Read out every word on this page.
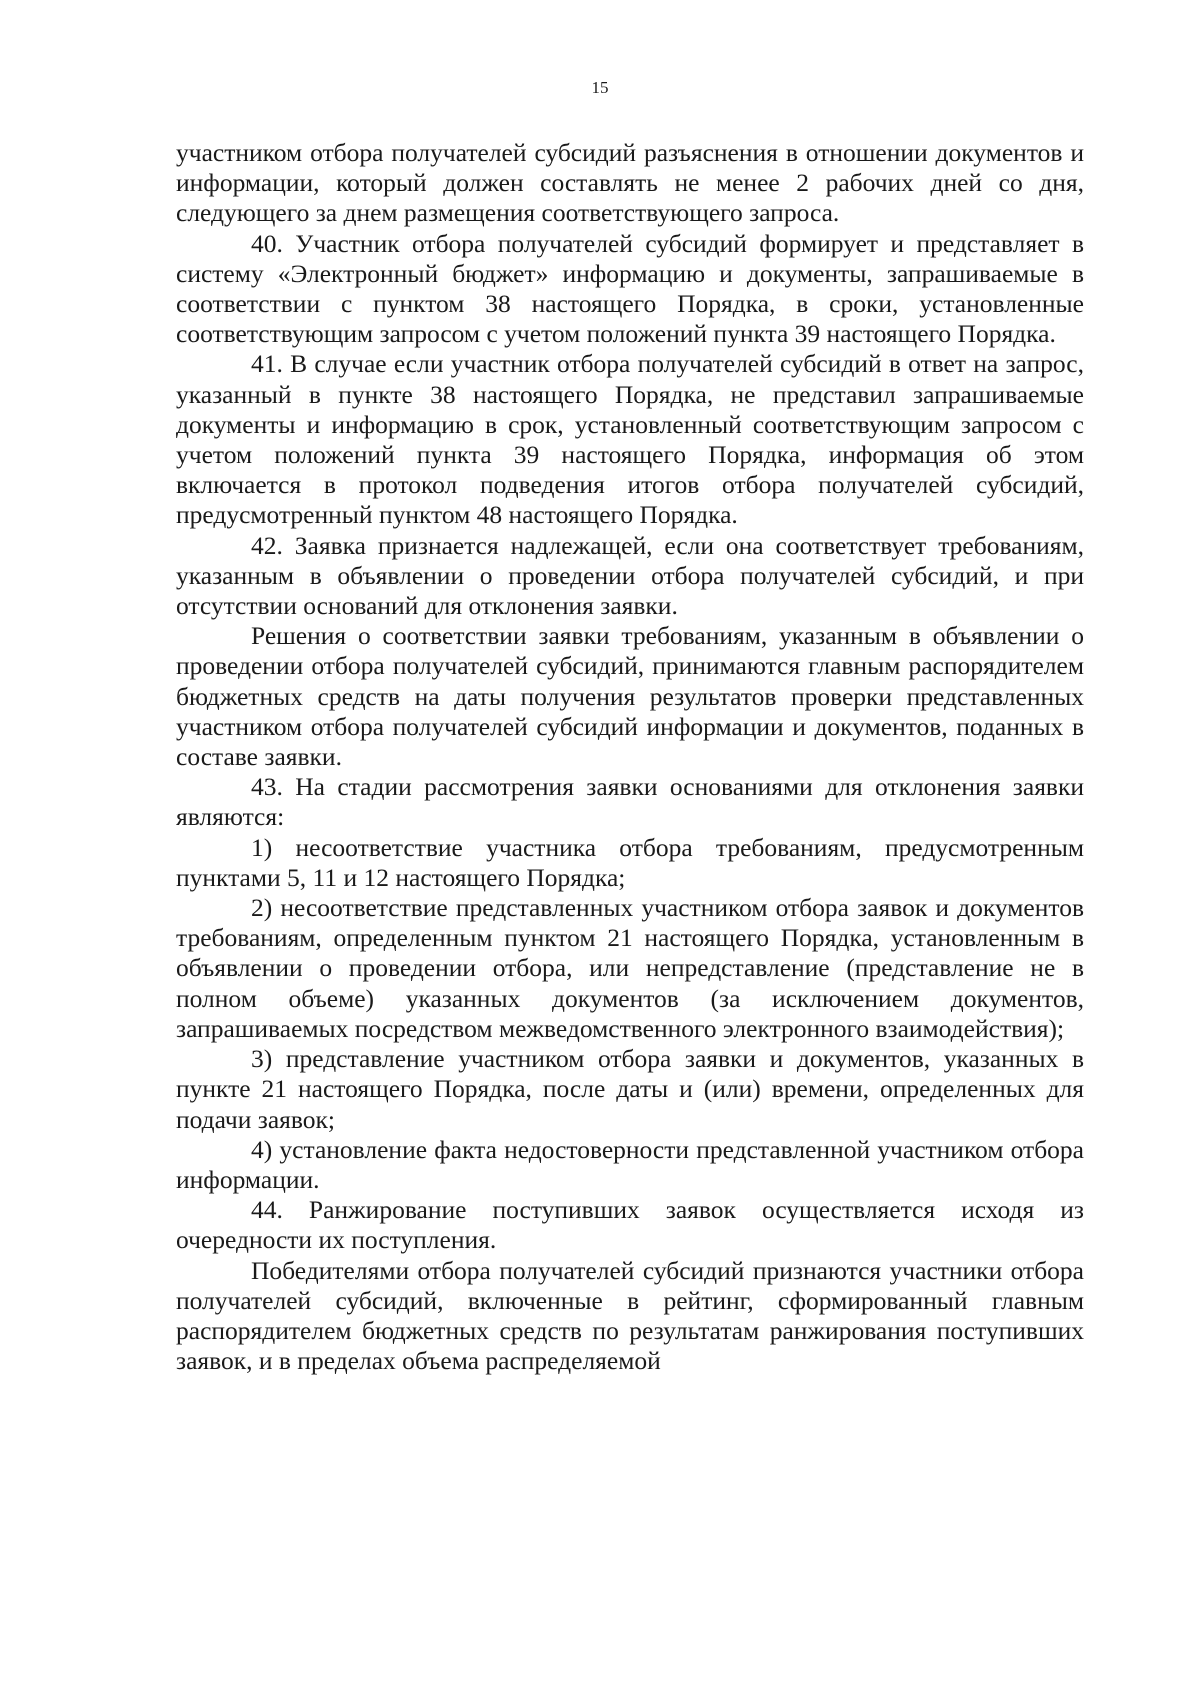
15

участником отбора получателей субсидий разъяснения в отношении документов и информации, который должен составлять не менее 2 рабочих дней со дня, следующего за днем размещения соответствующего запроса.

40. Участник отбора получателей субсидий формирует и представляет в систему «Электронный бюджет» информацию и документы, запрашиваемые в соответствии с пунктом 38 настоящего Порядка, в сроки, установленные соответствующим запросом с учетом положений пункта 39 настоящего Порядка.

41. В случае если участник отбора получателей субсидий в ответ на запрос, указанный в пункте 38 настоящего Порядка, не представил запрашиваемые документы и информацию в срок, установленный соответствующим запросом с учетом положений пункта 39 настоящего Порядка, информация об этом включается в протокол подведения итогов отбора получателей субсидий, предусмотренный пунктом 48 настоящего Порядка.

42. Заявка признается надлежащей, если она соответствует требованиям, указанным в объявлении о проведении отбора получателей субсидий, и при отсутствии оснований для отклонения заявки.

Решения о соответствии заявки требованиям, указанным в объявлении о проведении отбора получателей субсидий, принимаются главным распорядителем бюджетных средств на даты получения результатов проверки представленных участником отбора получателей субсидий информации и документов, поданных в составе заявки.

43. На стадии рассмотрения заявки основаниями для отклонения заявки являются:

1) несоответствие участника отбора требованиям, предусмотренным пунктами 5, 11 и 12 настоящего Порядка;

2) несоответствие представленных участником отбора заявок и документов требованиям, определенным пунктом 21 настоящего Порядка, установленным в объявлении о проведении отбора, или непредставление (представление не в полном объеме) указанных документов (за исключением документов, запрашиваемых посредством межведомственного электронного взаимодействия);

3) представление участником отбора заявки и документов, указанных в пункте 21 настоящего Порядка, после даты и (или) времени, определенных для подачи заявок;

4) установление факта недостоверности представленной участником отбора информации.

44. Ранжирование поступивших заявок осуществляется исходя из очередности их поступления.

Победителями отбора получателей субсидий признаются участники отбора получателей субсидий, включенные в рейтинг, сформированный главным распорядителем бюджетных средств по результатам ранжирования поступивших заявок, и в пределах объема распределяемой
